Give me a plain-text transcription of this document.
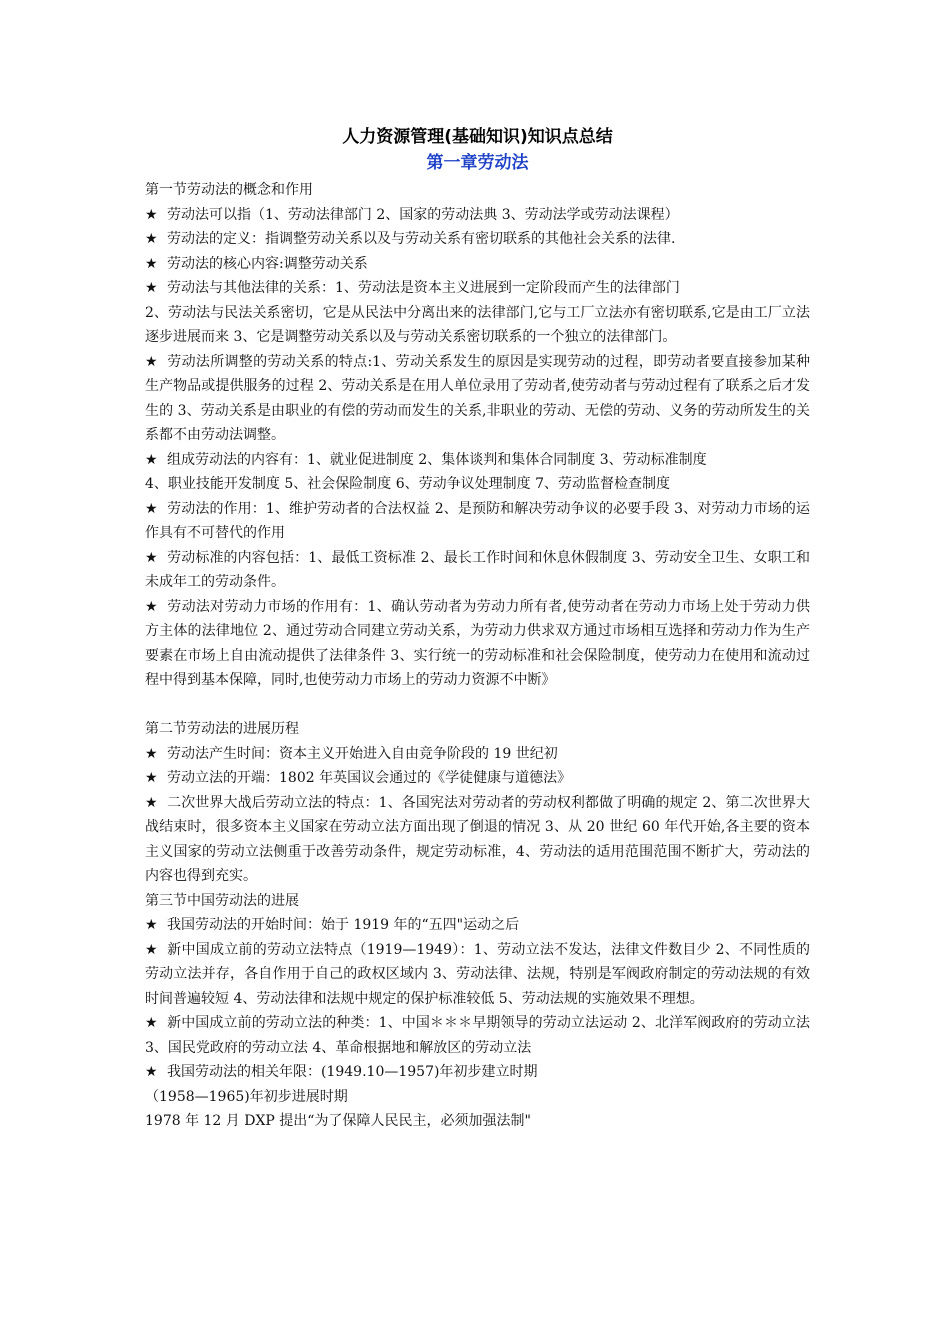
人力资源管理(基础知识)知识点总结
第一章劳动法

第一节劳动法的概念和作用

★ 劳动法可以指（1、劳动法律部门 2、国家的劳动法典 3、劳动法学或劳动法课程）

★ 劳动法的定义：指调整劳动关系以及与劳动关系有密切联系的其他社会关系的法律.

★ 劳动法的核心内容:调整劳动关系

★ 劳动法与其他法律的关系：1、劳动法是资本主义进展到一定阶段而产生的法律部门

2、劳动法与民法关系密切，它是从民法中分离出来的法律部门,它与工厂立法亦有密切联系,它是由工厂立法逐步进展而来 3、它是调整劳动关系以及与劳动关系密切联系的一个独立的法律部门。

★ 劳动法所调整的劳动关系的特点:1、劳动关系发生的原因是实现劳动的过程，即劳动者要直接参加某种生产物品或提供服务的过程 2、劳动关系是在用人单位录用了劳动者,使劳动者与劳动过程有了联系之后才发生的 3、劳动关系是由职业的有偿的劳动而发生的关系,非职业的劳动、无偿的劳动、义务的劳动所发生的关系都不由劳动法调整。

★ 组成劳动法的内容有：1、就业促进制度 2、集体谈判和集体合同制度 3、劳动标准制度

4、职业技能开发制度 5、社会保险制度 6、劳动争议处理制度 7、劳动监督检查制度

★ 劳动法的作用：1、维护劳动者的合法权益 2、是预防和解决劳动争议的必要手段 3、对劳动力市场的运作具有不可替代的作用

★ 劳动标准的内容包括：1、最低工资标准 2、最长工作时间和休息休假制度 3、劳动安全卫生、女职工和未成年工的劳动条件。

★ 劳动法对劳动力市场的作用有：1、确认劳动者为劳动力所有者,使劳动者在劳动力市场上处于劳动力供方主体的法律地位 2、通过劳动合同建立劳动关系，为劳动力供求双方通过市场相互选择和劳动力作为生产要素在市场上自由流动提供了法律条件 3、实行统一的劳动标准和社会保险制度，使劳动力在使用和流动过程中得到基本保障，同时,也使劳动力市场上的劳动力资源不中断》

第二节劳动法的进展历程

★ 劳动法产生时间：资本主义开始进入自由竞争阶段的 19 世纪初

★ 劳动立法的开端：1802 年英国议会通过的《学徒健康与道德法》

★ 二次世界大战后劳动立法的特点：1、各国宪法对劳动者的劳动权利都做了明确的规定 2、第二次世界大战结束时，很多资本主义国家在劳动立法方面出现了倒退的情况 3、从 20 世纪 60 年代开始,各主要的资本主义国家的劳动立法侧重于改善劳动条件，规定劳动标准，4、劳动法的适用范围范围不断扩大，劳动法的内容也得到充实。

第三节中国劳动法的进展

★ 我国劳动法的开始时间：始于 1919 年的“五四"运动之后

★ 新中国成立前的劳动立法特点（1919—1949）：1、劳动立法不发达，法律文件数目少 2、不同性质的劳动立法并存，各自作用于自己的政权区域内 3、劳动法律、法规，特别是军阀政府制定的劳动法规的有效时间普遍较短 4、劳动法律和法规中规定的保护标准较低 5、劳动法规的实施效果不理想。

★ 新中国成立前的劳动立法的种类：1、中国＊＊＊早期领导的劳动立法运动 2、北洋军阀政府的劳动立法 3、国民党政府的劳动立法 4、革命根据地和解放区的劳动立法

★ 我国劳动法的相关年限：(1949.10—1957)年初步建立时期

（1958—1965)年初步进展时期

1978 年 12 月 DXP 提出“为了保障人民民主，必须加强法制"
